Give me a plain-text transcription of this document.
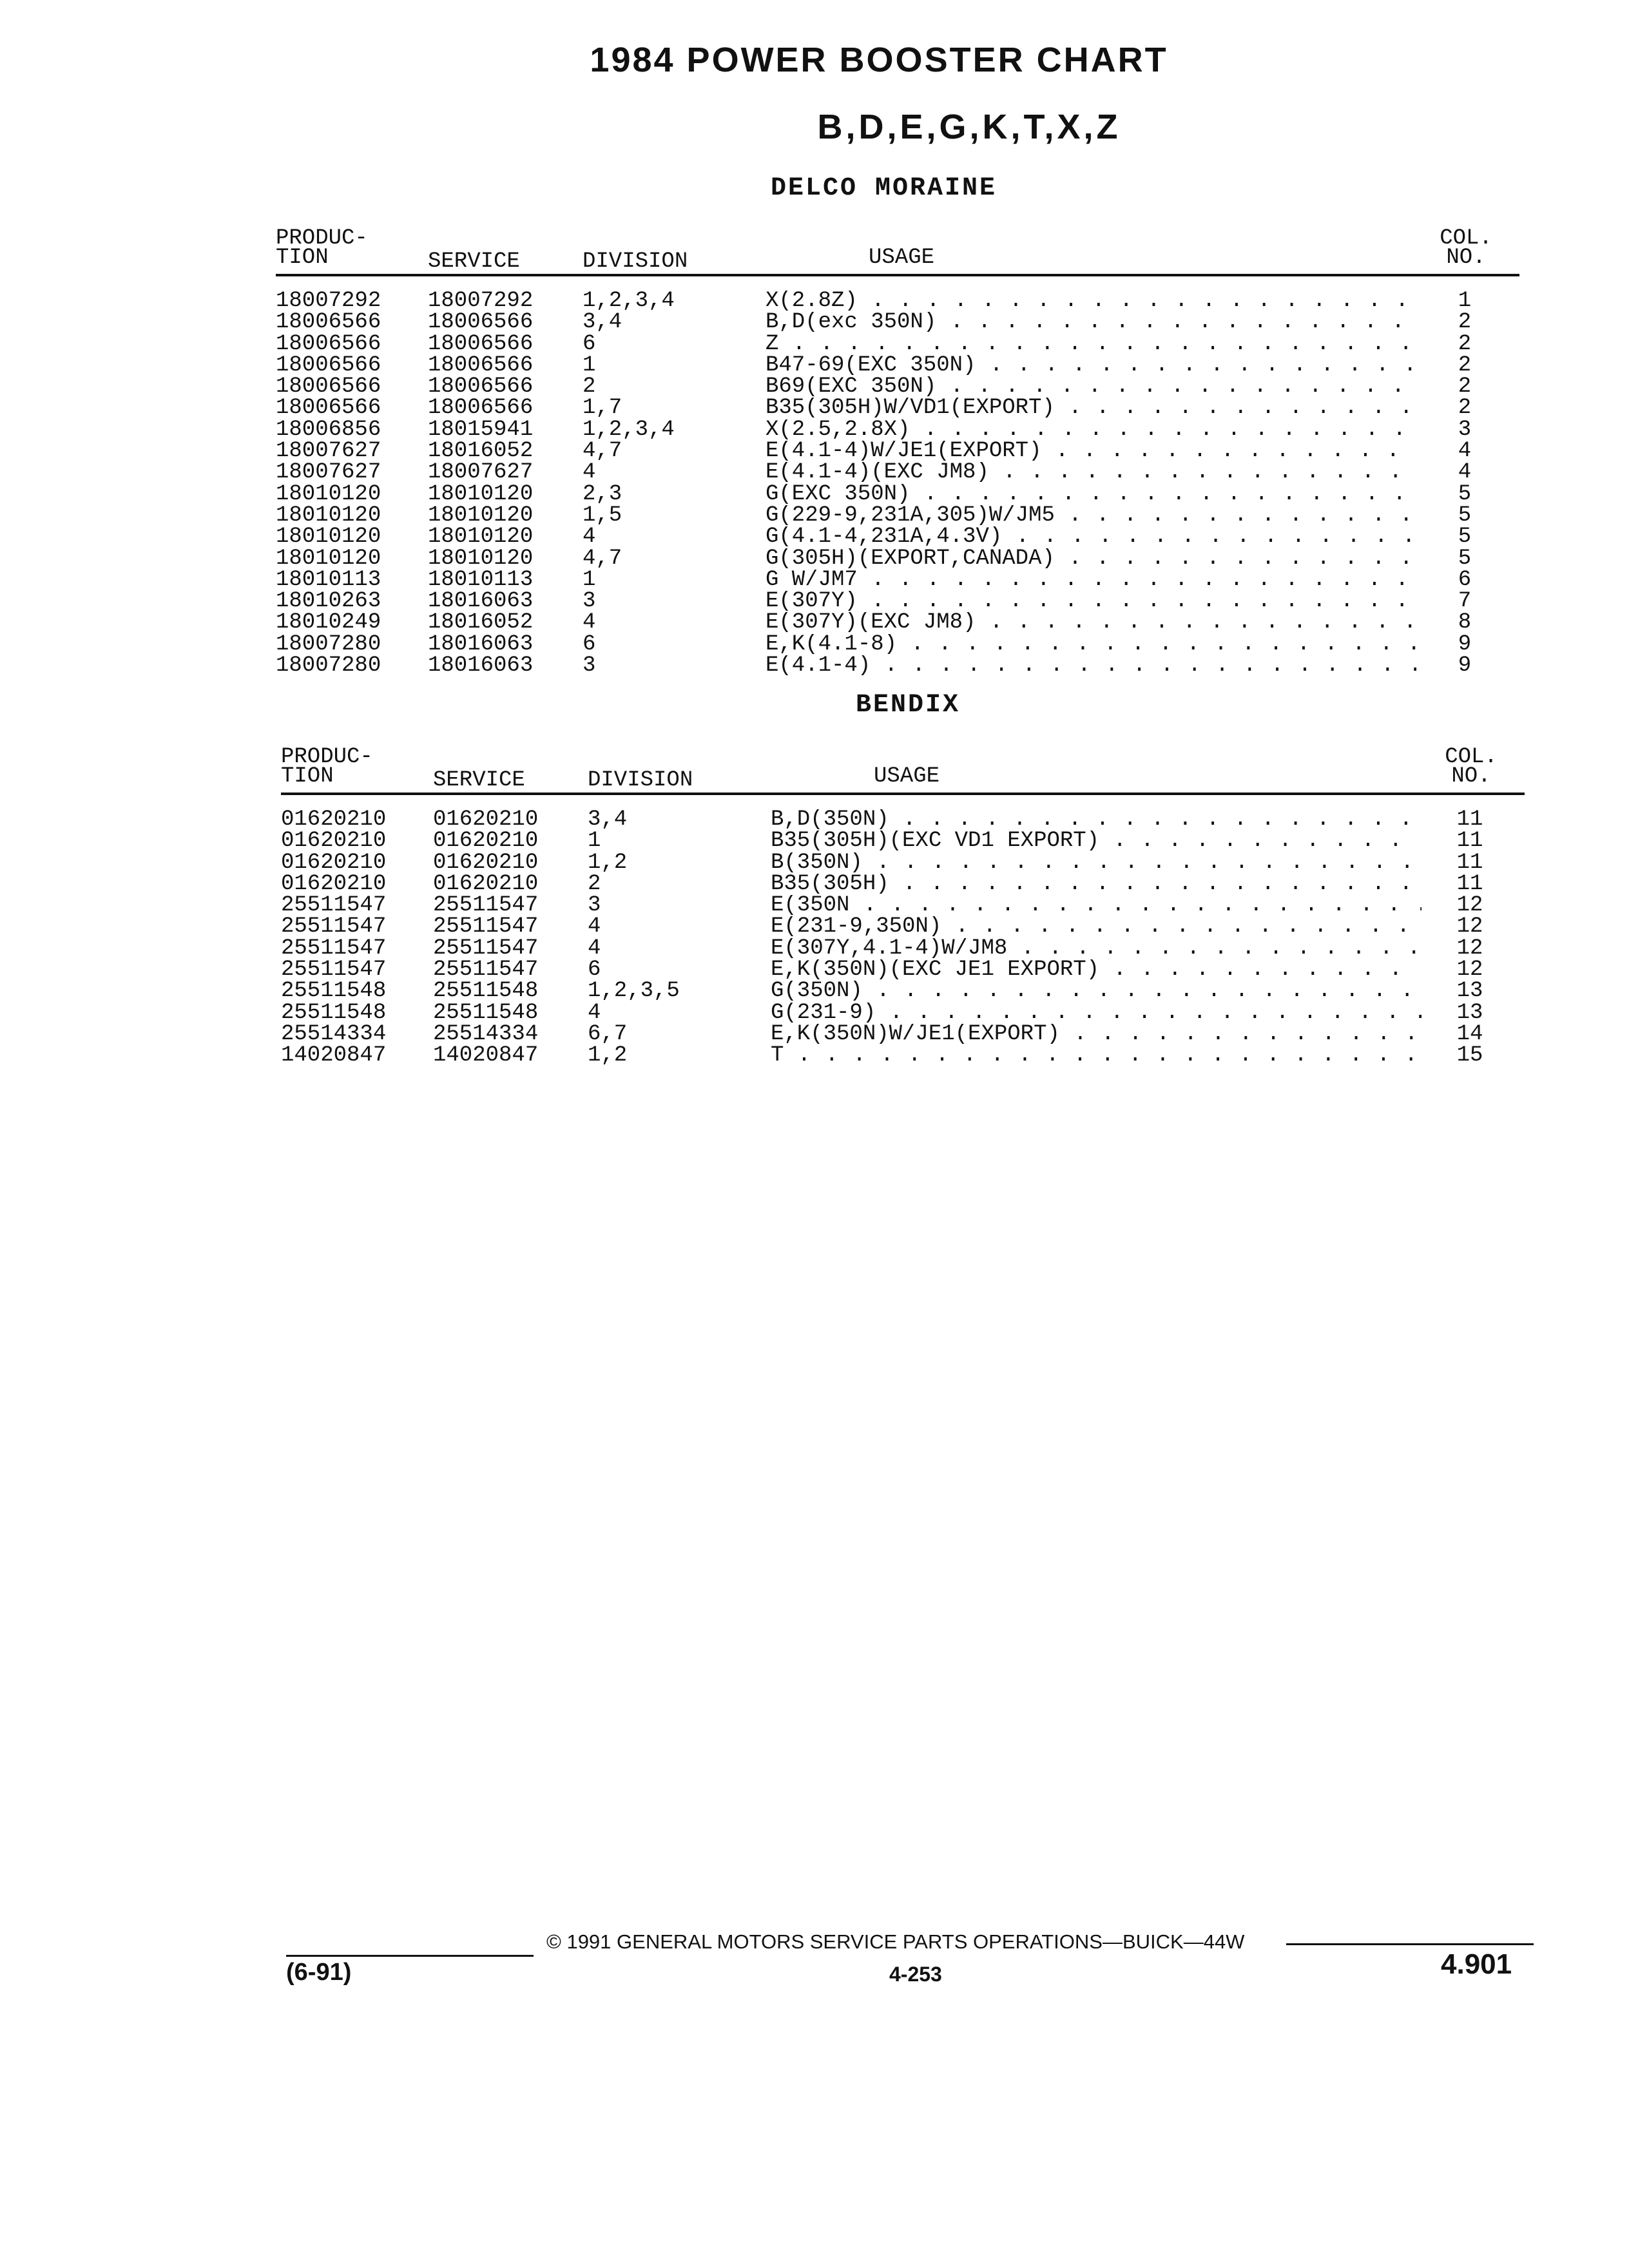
1984 POWER BOOSTER CHART
B,D,E,G,K,T,X,Z
DELCO MORAINE
PRODUC- TION	SERVICE	DIVISION	USAGE
COL. NO.
18007292 18007292 1,2,3,4	X(2.8Z) . . .	1
18006566 18006566 3,4	B,D(exc 350N) . . .	2
18006566 18006566 6	Z . . .	2
18006566 18006566 1	B47-69(EXC 350N) . . .	2
18006566 18006566 2	B69(EXC 350N) . . .	2
18006566 18006566 1,7	B35(305H)W/VD1(EXPORT) . . .	2
18006856 18015941 1,2,3,4	X(2.5,2.8X) . . .	3
18007627 18016052 4,7	E(4.1-4)W/JE1(EXPORT) . . .	4
18007627 18007627 4	E(4.1-4)(EXC JM8) . . .	4
18010120 18010120 2,3	G(EXC 350N) . . .	5
18010120 18010120 1,5	G(229-9,231A,305)W/JM5 . . .	5
18010120 18010120 4	G(4.1-4,231A,4.3V) . . .	5
18010120 18010120 4,7	G(305H)(EXPORT,CANADA) . . .	5
18010113 18010113 1	G W/JM7 . . .	6
18010263 18016063 3	E(307Y) . . .	7
18010249 18016052 4	E(307Y)(EXC JM8) . . .	8
18007280 18016063 6	E,K(4.1-8) . . .	9
18007280 18016063 3	E(4.1-4) . . .	9
BENDIX
PRODUC- TION	SERVICE	DIVISION	USAGE
COL. NO.
01620210 01620210 3,4	B,D(350N) . . .	11
01620210 01620210 1	B35(305H)(EXC VD1 EXPORT) . . .	11
01620210 01620210 1,2	B(350N) . . .	11
01620210 01620210 2	B35(305H) . . .	11
25511547 25511547 3	E(350N . . .	12
25511547 25511547 4	E(231-9,350N) . . .	12
25511547 25511547 4	E(307Y,4.1-4)W/JM8 . . .	12
25511547 25511547 6	E,K(350N)(EXC JE1 EXPORT) . . .	12
25511548 25511548 1,2,3,5	G(350N) . . .	13
25511548 25511548 4	G(231-9) . . .	13
25514334 25514334 6,7	E,K(350N)W/JE1(EXPORT) . . .	14
14020847 14020847 1,2	T . . .	15
© 1991 GENERAL MOTORS SERVICE PARTS OPERATIONS—BUICK—44W
(6-91)	4-253	4.901
